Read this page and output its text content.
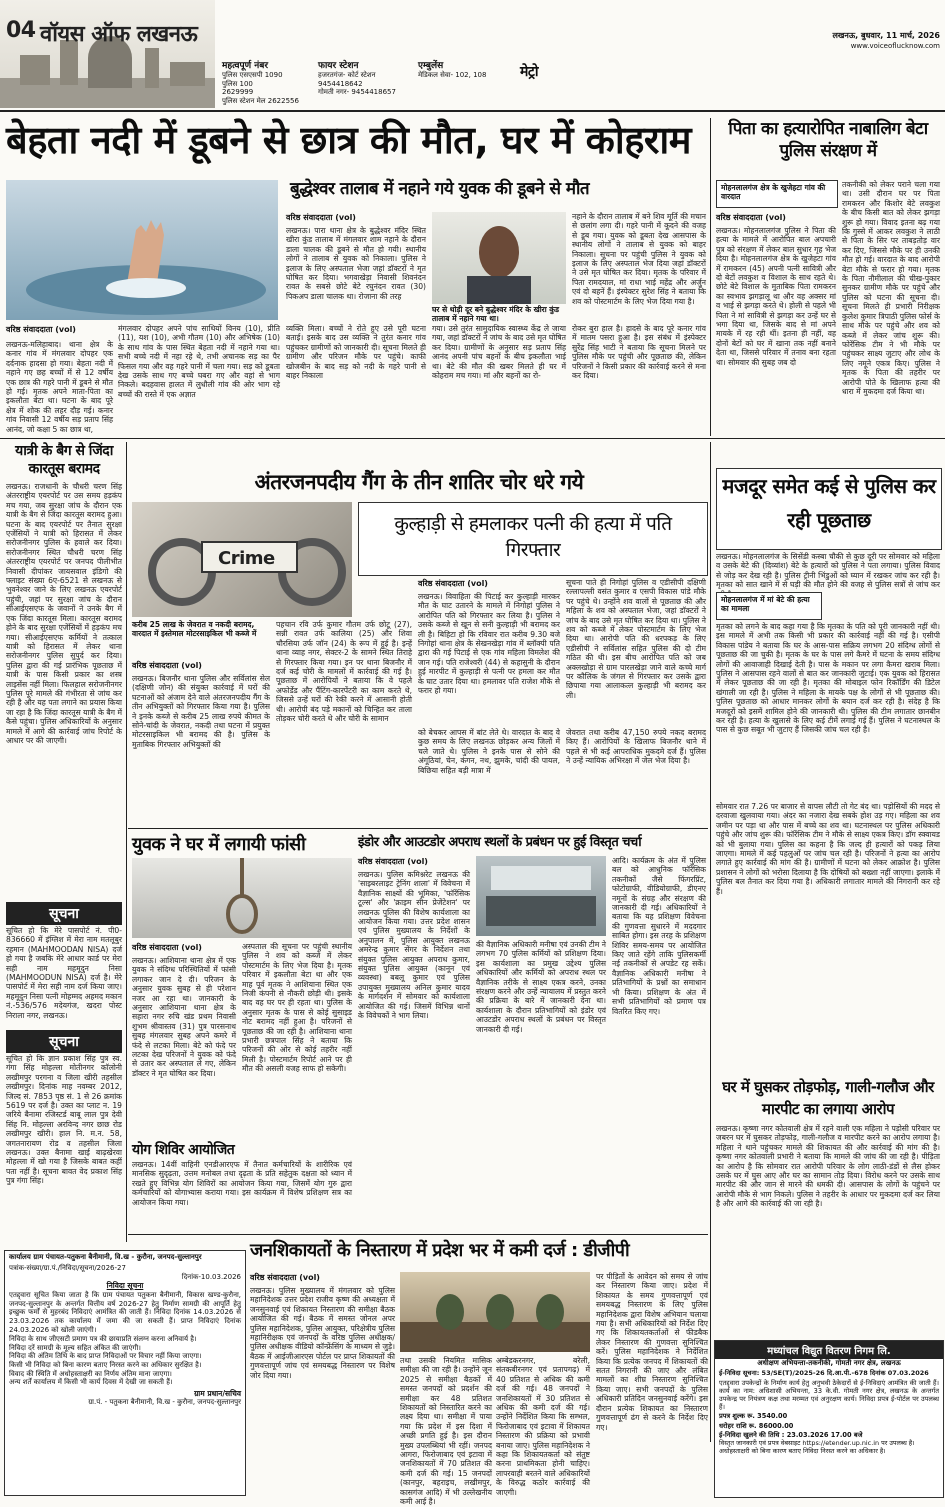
04 वॉयस ऑफ लखनऊ
महत्वपूर्ण नंबर
पुलिस एसएसपी 1090
पुलिस 100
2629999
पुलिस स्टेशन मेल 2622556
फायर स्टेशन
हजरतगंज- कोर्ट स्टेशन
9454418642
गोमती नगर- 9454418657
एम्बुलेंस
मेडिकल सेवा- 102, 108	मेट्रो
लखनऊ, बुधवार, 11 मार्च, 2026
www.voiceoflucknow.com
बेहता नदी में डूबने से छात्र की मौत, घर में कोहराम
बुद्धेश्वर तालाब में नहाने गये युवक की डूबने से मौत
वरिष्ठ संवाददाता (vol)
लखनऊ-मलिहाबाद। थाना क्षेत्र के कनार गांव में मंगलवार दोपहर एक दर्दनाक हादसा हो गया। बेहता नदी में नहाने गए छह बच्चों में से 12 वर्षीय एक छात्र की गहरे पानी में डूबने से मौत हो गई। मृतक अपने माता-पिता का इकलौता बेटा था। घटना के बाद पूरे क्षेत्र में शोक की लहर दौड़ गई। कनार गांव निवासी 12 वर्षीय सड़ प्रताप सिंह आनंद, जो कक्षा 5 का छात्र था,
मंगलवार दोपहर अपने पांच साथियों विनय (10), प्रीति (11), यश (10), अभी गौतम (10) और अभिषेक (10) के साथ गांव के पास स्थित बेहता नदी में नहाने गया था। सभी बच्चे नदी में नहा रहे थे, तभी अचानक सड़ का पैर फिसल गया और वह गहरे पानी में चला गया। सड़ को डूबता देख उसके साथ गए बच्चे घबरा गए और वहां से भाग निकले। बदहवास हालत में लुधौली गांव की ओर भाग रहे बच्चों की रास्ते में एक अज्ञात
व्यक्ति मिला। बच्चों ने रोते हुए उसे पूरी घटना बताई। इसके बाद उस व्यक्ति ने तुरंत कनार गांव पहुंचकर ग्रामीणों को जानकारी दी। सूचना मिलते ही ग्रामीण और परिजन मौके पर पहुंचे। काफी खोजबीन के बाद सड़ को नदी के गहरे पानी से बाहर निकाला
गया। उसे तुरंत सामुदायिक स्वास्थ्य केंद्र ले जाया गया, जहां डॉक्टरों ने जांच के बाद उसे मृत घोषित कर दिया। ग्रामीणों के अनुसार सड़ प्रताप सिंह आनंद अपनी पांच बहनों के बीच इकलौता भाई था। बेटे की मौत की खबर मिलते ही घर में कोहराम मच गया। मां और बहनों का रो-
रोकर बुरा हाल है। हादसे के बाद पूरे कनार गांव में मातम पसरा हुआ है। इस संबंध में इंस्पेक्टर सुरेंद्र सिंह भाटी ने बताया कि सूचना मिलने पर पुलिस मौके पर पहुंची और पूछताछ की, लेकिन परिजनों ने किसी प्रकार की कार्रवाई करने से मना कर दिया।
वरिष्ठ संवाददाता (vol)
लखनऊ। पारा थाना क्षेत्र के बुद्धेश्वर मंदिर स्थित खीरा कुंड तालाब में मंगलवार शाम नहाने के दौरान डाला चालक की डूबने से मौत हो गयी। स्थानीय लोगों ने तालाब से युवक को निकाला। पुलिस ने इलाज के लिए अस्पताल भेजा जहां डॉक्टरों ने मृत घोषित कर दिया। भगवाखेड़ा निवासी शिवनंदन रावत के सबसे छोटे बेटे रघुनंदन रावत (30) पिकअप डाला चालक था। रोजाना की तरह
घर से थोड़ी दूर बने बुद्धेश्वर मंदिर के खीरा कुंड तालाब में नहाने गया था।
नहाने के दौरान तालाब में बने शिव मूर्ति की मचान से छलांग लगा दी। गहरे पानी में कूदने की वजह से डूब गया। युवक को डूबता देख आसपास के स्थानीय लोगों ने तालाब से युवक को बाहर निकाला। सूचना पर पहुंची पुलिस ने युवक को इलाज के लिए अस्पताल भेज दिया जहां डॉक्टरों ने उसे मृत घोषित कर दिया। मृतक के परिवार में पिता रामदयाल, मां राधा भाई महेंद्र और अर्जुन एवं दो बहनें हैं। इंस्पेक्टर सुरेश सिंह ने बताया कि शव को पोस्टमार्टम के लिए भेज दिया गया है।
पिता का हत्यारोपित नाबालिग बेटा पुलिस संरक्षण में
मोहनलालगंज क्षेत्र के खुजेहटा गांव की वारदात
वरिष्ठ संवाददाता (vol)
लखनऊ। मोहनलालगंज पुलिस ने पिता की हत्या के मामले में आरोपित बाल अपचारी पुत्र को संरक्षण में लेकर बाल सुधार गृह भेज दिया है। मोहनलालगंज क्षेत्र के खुजेहटा गांव में रामकरन (45) अपनी पत्नी सावित्री और दो बेटों लवकुश व विशाल के साथ रहते थे। छोटे बेटे विशाल के मुताबिक पिता रामकरन का स्वभाव झगड़ालू था और वह अक्सर मां व भाई से झगड़ा करते थे। होली से पहले भी पिता ने मां सावित्री से झगड़ा कर उन्हें घर से भगा दिया था, जिसके बाद से मां अपने मायके में रह रही थीं। इतना ही नहीं, वह दोनों बेटों को घर में खाना तक नहीं बनाने देता था, जिससे परिवार में तनाव बना रहता था। सोमवार की सुबह जब दो
तकनीकी को लेकर पराने चला गया था। उसी दौरान घर पर पिता रामकरन और किशोर बेटे लवकुश के बीच किसी बात को लेकर झगड़ा शुरू हो गया। विवाद इतना बढ़ गया कि गुस्से में आकर लवकुश ने लाठी से पिता के सिर पर ताबड़तोड़ वार कर दिए, जिससे मौके पर ही उनकी मौत हो गई। वारदात के बाद आरोपी बेटा मौके से फरार हो गया। मृतक के पिता नौमीलाल की चीख-पुकार सुनकर ग्रामीण मौके पर पहुंचे और पुलिस को घटना की सूचना दी। सूचना मिलते ही प्रभारी निरीक्षक कुलेश कुमार त्रिपाठी पुलिस फोर्स के साथ मौके पर पहुंचे और शव को कब्जे में लेकर जांच शुरू की। फोरेंसिक टीम ने भी मौके पर पहुंचकर साक्ष्य जुटाए और लोथ के लिए नमूने एकत्र किए। पुलिस ने मृतक के पिता की तहरीर पर आरोपी पोते के खिलाफ हत्या की धारा में मुकदमा दर्ज किया था।
यात्री के बैग से जिंदा कारतूस बरामद
लखनऊ। राजधानी के चौधरी चरण सिंह अंतरराष्ट्रीय एयरपोर्ट पर उस समय हड़कंप मच गया, जब सुरक्षा जांच के दौरान एक यात्री के बैग से जिंदा कारतूस बरामद हुआ। घटना के बाद एयरपोर्ट पर तैनात सुरक्षा एजेंसियों ने यात्री को हिरासत में लेकर सरोजनीनगर पुलिस के हवाले कर दिया। सरोजनीनगर स्थित चौधरी चरण सिंह अंतरराष्ट्रीय एयरपोर्ट पर जनपद पीलीभीत निवासी दीपांकर जायसवाल इंडिगो की फ्लाइट संख्या 6ए-6521 से लखनऊ से भुवनेश्वर जाने के लिए लखनऊ एयरपोर्ट पहुंची, जहां पर सुरक्षा जांच के दौरान सीआईएसएफ के जवानों ने उनके बैग में एक जिंदा कारतूस मिला। कारतूस बरामद होने के बाद सुरक्षा एजेंसियों में हड़कंप मच गया। सीआईएसएफ कर्मियों ने तत्काल यात्री को हिरासत में लेकर थाना सरोजनीनगर पुलिस सुपुर्द कर दिया। पुलिस द्वारा की गई प्रारंभिक पूछताछ में यात्री के पास किसी प्रकार का शस्त्र लाइसेंस नहीं मिला। फिलहाल सरोजनीनगर पुलिस पूरे मामले की गंभीरता से जांच कर रही है और यह पता लगाने का प्रयास किया जा रहा है कि जिंदा कारतूस यात्री के बैग में कैसे पहुंचा। पुलिस अधिकारियों के अनुसार मामले में आगे की कार्रवाई जांच रिपोर्ट के आधार पर की जाएगी।
सूचना
सूचित हो कि मेरे पासपोर्ट नं. पी0-836660 में इंग्लिश में मेरा नाम मतलूबुर रहमान (MAHMOODAN NISA) दर्ज हो गया है जबकि मेरे आधार कार्ड पर मेरा सही नाम महमूदुन निसा (MAHMOODUN NISA) दर्ज है। मेरे पासपोर्ट में मेरा सही नाम दर्ज किया जाए। महमूदुन निसा पत्नी मोहम्मद अहमद मकान नं.-536/576 मदेयगंज, खदरा पोस्ट निराला नगर, लखनऊ।
सूचना
सूचित हो कि ज्ञान प्रकाश सिंह पुत्र स्व. गंगा सिंह मोहल्ला मोतीनगर कॉलोनी लखीमपुर परगना व जिला खीरी तहसील लखीमपुर। दिनांक माह नवम्बर 2012, जिल्द सं. 7853 पृष्ठ सं. 1 से 26 क्रमांक 5619 पर दर्ज है। उक्त का प्लाट न. 19 जरिये बैनामा रजिस्टर्ड बाबू लाल पुत्र देवी सिंह नि. मोहल्ला अरविन्द नगर छाछ रोड लखीमपुर खीरी। हाल नि. म.न. 58, जगतनारायण रोड व तहसील जिला लखनऊ। उक्त बैनामा खाई बाढ़खेरवा मोहल्ला में खो गया है जिसके बाबत कहीं पता नहीं है। सूचना बावत वेद प्रकाश सिंह पुत्र गंगा सिंह।
अंतरजनपदीय गैंग के तीन शातिर चोर धरे गये
Crime
करीब 25 लाख के जेवरात व नकदी बरामद, वारदात में इस्तेमाल मोटरसाइकिल भी कब्जे में
वरिष्ठ संवाददाता (vol)
लखनऊ। बिजनौर थाना पुलिस और सर्विलांस सेल (दक्षिणी जोन) की संयुक्त कार्रवाई में घरों की घटनाओं को अंजाम देने वाले अंतरजनपदीय गैंग के तीन अभियुक्तों को गिरफ्तार किया गया है। पुलिस ने इनके कब्जे से करीब 25 लाख रुपये कीमत के सोने-चांदी के जेवरात, नकदी तथा घटना में प्रयुक्त मोटरसाइकिल भी बरामद की है। पुलिस के मुताबिक गिरफ्तार अभियुक्तों की
पहचान रवि उर्फ कुमार गौतम उर्फ छोटू (27), सन्नी रावत उर्फ कालिया (25) और शिवा चौरसिया उर्फ जॉन (24) के रूप में हुई है। इन्हें थाना व्याह नगर, सेक्टर-2 के सामने स्थित तिराहे से गिरफ्तार किया गया। इन पर थाना बिजनौर में दर्ज कई चोरी के मामलों में कार्रवाई की गई है। पूछताछ में आरोपियों ने बताया कि वे पहले अफोर्डेड और पैंटिंग-कारपेंटरी का काम करते थे, जिससे उन्हें घरों की रेकी करने में आसानी होती थी। आरोपी बंद पड़े मकानों को चिन्हित कर ताला तोड़कर चोरी करते थे और चोरी के सामान
कुल्हाड़ी से हमलाकर पत्नी की हत्या में पति गिरफ्तार
वरिष्ठ संवाददाता (vol)
लखनऊ। विवाहिता की पिटाई कर कुल्हाड़ी मारकर मौत के घाट उतारने के मामले में निगोहां पुलिस ने आरोपित पति को गिरफ्तार कर लिया है। पुलिस ने उसके कब्जे से खून से सनी कुल्हाड़ी भी बरामद कर ली है। बिहिटा हो कि रविवार रात करीब 9.30 बजे निगोहां थाना क्षेत्र के सेखनखेड़ा गांव में ब्लॉक्पी पति द्वारा की गई पिटाई से एक गांव महिला विमलेश की जान गई। पति राजेश्वरी (44) से कहासुनी के दौरान हुई मारपीट में कुल्हाड़ी से पत्नी पर हमला कर मौत के घाट उतार दिया था। हमलावर पति राजेश मौके से फरार हो गया।
सूचना पाते ही निगोहां पुलिस व एडीसीपी दक्षिणी रल्लापल्ली वसंत कुमार व एसपी विकास पांडे मौके पर पहुंचे थे। उन्होंने शव वालों से पूछताछ की और महिला के शव को अस्पताल भेजा, जहां डॉक्टरों ने जांच के बाद उसे मृत घोषित कर दिया था। पुलिस ने शव को कब्जे में लेकर पोस्टमार्टम के लिए भेज दिया था। आरोपी पति की धरपकड़ के लिए एडीसीपी ने सर्विलांस सहित पुलिस की दो टीम गठित की थी। इस बीच आरोपित पति को जब अक्लखोड़ा से ग्राम पारलखेड़ा जाने वाले कच्चे मार्ग पर कौलिक के जंगल से गिरफ्तार कर उसके द्वारा छिपाया गया आलाकत्ल कुल्हाड़ी भी बरामद कर ली।
को बेचकर आपस में बांट लेते थे। वारदात के बाद वे कुछ समय के लिए लखनऊ छोड़कर अन्य जिलों में चले जाते थे। पुलिस ने इनके पास से सोने की अंगूठियां, चेन, कंगन, नथ, झुमके, चांदी की पायल, बिछिया सहित बड़ी मात्रा में
जेवरात तथा करीब 47,150 रुपये नकद बरामद किए हैं। आरोपियों के खिलाफ बिजनौर थाने में पहले से भी कई आपराधिक मुकदमे दर्ज हैं। पुलिस ने उन्हें न्यायिक अभिरक्षा में जेल भेज दिया है।
मजदूर समेत कई से पुलिस कर रही पूछताछ
लखनऊ। मोहनलालगंज के सिसेंडी कस्बा चौकी से कुछ दूरी पर सोमवार को महिला व उसके बेटे की (दिव्यांश) बेटे के हत्यारों को पुलिस ने पता लगाया। पुलिस विवाद से जोड़ कर देख रही है। पुलिस ट्रीनी भिंडुओं को घ्यान में रखकर जांच कर रही है। मृतका को सात खाने में से घड़ी की मौत होने की वजह से पुलिस सत्रों से जांच कर
मोहनलालगंज में मां बेटे की हत्या का मामला
मृतका को लगने के बाद कहा गया है कि मृतका के पति को पूरी जानकारी नहीं थी। इस मामले में अभी तक किसी भी प्रकार की कार्रवाई नहीं की गई है। एसीपी विकास पांडेय ने बताया कि घर के आस-पास सक्रिय लगभग 20 संदिग्ध लोगों से पूछताछ की जा चुकी है। मृतक के घर के पास लगे कैमरे में घटना के समय संदिग्ध लोगों की आवाजाही दिखाई देती है। पास के मकान पर लगा कैमरा खराब मिला। पुलिस ने आसपास रहने वालों से बात कर जानकारी जुटाई। एक युवक को हिरासत में लेकर पूछताछ की जा रही है। मृतका की मोबाइल फोन रिकॉर्डिंग की डिटेल खंगाली जा रही है। पुलिस ने महिला के मायके पक्ष के लोगों से भी पूछताछ की। पुलिस पूछताछ को आधार मानकर लोगों के बयान दर्ज कर रही है। संदेह है कि मजदूरों को इसमें शामिल होने की जानकारी थी। पुलिस की टीम लगातार छानबीन कर रही है। हत्या के खुलासे के लिए कई टीमें लगाई गई हैं। पुलिस ने घटनास्थल के पास से कुछ सबूत भी जुटाए हैं जिसकी जांच चल रही है।
सोमवार रात 7.26 पर बाजार से वापस लौटी तो गेट बंद था। पड़ोसियों की मदद से दरवाजा खुलवाया गया। अंदर का नजारा देख सबके होश उड़ गए। महिला का शव जमीन पर पड़ा था और पास में बच्चे का शव था। घटनास्थल पर पुलिस अधिकारी पहुंचे और जांच शुरू की। फॉरेंसिक टीम ने मौके से साक्ष्य एकत्र किए। डॉग स्क्वायड को भी बुलाया गया। पुलिस का कहना है कि जल्द ही हत्यारों को पकड़ लिया जाएगा। मामले में कई पहलुओं पर जांच चल रही है। परिजनों ने हत्या का आरोप लगाते हुए कार्रवाई की मांग की है। ग्रामीणों में घटना को लेकर आक्रोश है। पुलिस प्रशासन ने लोगों को भरोसा दिलाया है कि दोषियों को बख्शा नहीं जाएगा। इलाके में पुलिस बल तैनात कर दिया गया है। अधिकारी लगातार मामले की निगरानी कर रहे हैं।
युवक ने घर में लगायी फांसी
वरिष्ठ संवाददाता (vol)
लखनऊ। आशियाना थाना क्षेत्र में एक युवक ने संदिग्ध परिस्थितियों में फांसी लगाकर जान दे दी। परिजन के अनुसार युवक सुबह से ही परेशान नजर आ रहा था। जानकारी के अनुसार आशियाना थाना क्षेत्र के सहारा नगर रुचि खंड प्रथम निवासी शुभम श्रीवास्तव (31) पुत्र पारसनाथ सुबह मंगलवार सुबह अपने कमरे में फंदे से लटका मिला। बेटे को फंदे पर लटका देख परिजनों ने युवक को फंदे से उतार कर अस्पताल ले गए, लेकिन डॉक्टर ने मृत घोषित कर दिया।
अस्पताल की सूचना पर पहुंची स्थानीय पुलिस ने शव को कब्जे में लेकर पोस्टमार्टम के लिए भेज दिया है। मृतक परिवार में इकलौता बेटा था और एक माह पूर्व मृतक ने आशियाना स्थित एक निजी कंपनी से नौकरी छोड़ी थी। इसके बाद वह घर पर ही रहता था। पुलिस के अनुसार मृतक के पास से कोई सुसाइड नोट बरामद नहीं हुआ है। परिजनों से पूछताछ की जा रही है। आशियाना थाना प्रभारी छत्रपाल सिंह ने बताया कि परिजनों की ओर से कोई तहरीर नहीं मिली है। पोस्टमार्टम रिपोर्ट आने पर ही मौत की असली वजह साफ हो सकेगी।
योग शिविर आयोजित
लखनऊ। 14वीं वाहिनी एनडीआरएफ में तैनात कर्मचारियों के शारीरिक एवं मानसिक सुदृढ़ता, उत्तम मनोबल तथा दृढ़ता के प्रति सहेतुक दक्षता को ध्यान में रखते हुए विभिन्न योग शिविरों का आयोजन किया गया, जिसमें योग गुरु द्वारा कर्मचारियों को योगाभ्यास कराया गया। इस कार्यक्रम में विशेष प्रशिक्षण सत्र का आयोजन किया गया।
इंडोर और आउटडोर अपराध स्थलों के प्रबंधन पर हुई विस्तृत चर्चा
वरिष्ठ संवाददाता (vol)
लखनऊ। पुलिस कमिश्नरेट लखनऊ की 'साइबरलाइट ट्रेनिंग शाला' में विवेचना में वैज्ञानिक साक्ष्यों की भूमिका, 'फॉरेंसिक टूल्स' और 'क्राइम सीन प्रेजेंटेशन' पर लखनऊ पुलिस की विशेष कार्यशाला का आयोजन किया गया। उत्तर प्रदेश शासन एवं पुलिस मुख्यालय के निर्देशों के अनुपालन में, पुलिस आयुक्त लखनऊ अमरेन्द्र कुमार सेंगर के निर्देशन तथा संयुक्त पुलिस आयुक्त अपराध कुमार, संयुक्त पुलिस आयुक्त (कानून एवं व्यवस्था) बबलू कुमार एवं पुलिस उपायुक्त मुख्यालय अनिल कुमार यादव के मार्गदर्शन में सोमवार को कार्यशाला आयोजित की गई। जिसमें विभिन्न थानों के विवेचकों ने भाग लिया।
की वैज्ञानिक अधिकारी मनीषा एवं उनकी टीम ने लगभग 70 पुलिस कर्मियों को प्रशिक्षण दिया। इस कार्यशाला का प्रमुख उद्देश्य पुलिस अधिकारियों और कर्मियों को अपराध स्थल पर वैज्ञानिक तरीके से साक्ष्य एकत्र करने, उनका संरक्षण करने और उन्हें न्यायालय में प्रस्तुत करने की प्रक्रिया के बारे में जानकारी देना था। कार्यशाला के दौरान प्रतिभागियों को इंडोर एवं आउटडोर अपराध स्थलों के प्रबंधन पर विस्तृत जानकारी दी गई।
आदि। कार्यक्रम के अंत में पुलिस बल को आधुनिक फॉरेंसिक तकनीकों जैसे फिंगरप्रिंट, फोटोग्राफी, वीडियोग्राफी, डीएनए नमूनों के संग्रह और संरक्षण की जानकारी दी गई। अधिकारियों ने बताया कि यह प्रशिक्षण विवेचना की गुणवत्ता सुधारने में मददगार साबित होगा। इस तरह के प्रशिक्षण शिविर समय-समय पर आयोजित किए जाते रहेंगे ताकि पुलिसकर्मी नई तकनीकों से अपडेट रह सकें। वैज्ञानिक अधिकारी मनीषा ने प्रतिभागियों के प्रश्नों का समाधान भी किया। प्रशिक्षण के अंत में सभी प्रतिभागियों को प्रमाण पत्र वितरित किए गए।
घर में घुसकर तोड़फोड़, गाली-गलौज और मारपीट का लगाया आरोप
लखनऊ। कृष्णा नगर कोतवाली क्षेत्र में रहने वाली एक महिला ने पड़ोसी परिवार पर जबरन घर में घुसकर तोड़फोड़, गाली-गलौज व मारपीट करने का आरोप लगाया है। महिला ने थाने पहुंचकर मामले की शिकायत की और कार्रवाई की मांग की है। कृष्णा नगर कोतवाली प्रभारी ने बताया कि मामले की जांच की जा रही है। पीड़िता का आरोप है कि सोमवार रात आरोपी परिवार के लोग लाठी-डंडों से लैस होकर उसके घर में घुस आए और घर का सामान तोड़ दिया। विरोध करने पर उसके साथ मारपीट की और जान से मारने की धमकी दी। आसपास के लोगों के पहुंचने पर आरोपी मौके से भाग निकले। पुलिस ने तहरीर के आधार पर मुकदमा दर्ज कर लिया है और आगे की कार्रवाई की जा रही है।
जनशिकायतों के निस्तारण में प्रदेश भर में कमी दर्ज : डीजीपी
वरिष्ठ संवाददाता (vol)
लखनऊ। पुलिस मुख्यालय में मंगलवार को पुलिस महानिदेशक उत्तर प्रदेश राजीव कृष्ण की अध्यक्षता में जनसुनवाई एवं शिकायत निस्तारण की समीक्षा बैठक आयोजित की गई। बैठक में समस्त जोनल अपर पुलिस महानिदेशक, पुलिस आयुक्त, परिक्षेत्रीय पुलिस महानिरीक्षक एवं जनपदों के वरिष्ठ पुलिस अधीक्षक/पुलिस अधीक्षक वीडियो कॉन्फ्रेंसिंग के माध्यम से जुड़े। बैठक में आईजीआरएस पोर्टल पर प्राप्त शिकायतों की गुणवत्तापूर्ण जांच एवं समयबद्ध निस्तारण पर विशेष जोर दिया गया।
तथा उसकी नियमित मासिक समीक्षा की जा रही है। उन्होंने जून 2025 से समीक्षा बैठकों में समस्त जनपदों को प्रदर्शन की समीक्षा कर 48 प्रतिशत शिकायतों को निस्तारित करने का लक्ष्य दिया था। समीक्षा में पाया गया कि प्रदेश में इस दिशा में अच्छी प्रगति हुई है। इस दौरान मुख्य उपलब्धियां भी रहीं। जनपद आगरा, फिरोजाबाद एवं इटावा में जनशिकायतों में 70 प्रतिशत की कमी दर्ज की गई। 15 जनपदों (कानपुर, बहराइच, लखीमपुर, कासगंज आदि) में भी उल्लेखनीय कमी आई है।
अम्बेडकरनगर, बरेली, संतकबीरनगर एवं प्रतापगढ़) में 40 प्रतिशत से अधिक की कमी दर्ज की गई। 48 जनपदों ने जनशिकायतों में 30 प्रतिशत से अधिक की कमी दर्ज की गई। उन्होंने निर्देशित किया कि सम्भल, फिरोजाबाद एवं इटावा में शिकायत निस्तारण की प्रक्रिया को प्रभावी बनाया जाए। पुलिस महानिदेशक ने कहा कि शिकायतकर्ता को संतुष्ट करना प्राथमिकता होनी चाहिए। लापरवाही बरतने वाले अधिकारियों के विरुद्ध कठोर कार्रवाई की जाएगी।
पर पीड़ितों के आवेदन को समय से जांच कर निस्तारण किया जाए। प्रदेश में शिकायत के समय गुणवत्तापूर्ण एवं समयबद्ध निस्तारण के लिए पुलिस महानिदेशक द्वारा विशेष अभियान चलाया गया है। सभी अधिकारियों को निर्देश दिए गए कि शिकायतकर्ताओं से फीडबैक लेकर निस्तारण की गुणवत्ता सुनिश्चित करें। पुलिस महानिदेशक ने निर्देशित किया कि प्रत्येक जनपद में शिकायतों की सतत निगरानी की जाए और लंबित मामलों का शीघ्र निस्तारण सुनिश्चित किया जाए। सभी जनपदों के पुलिस अधिकारी प्रतिदिन जनसुनवाई करेंगे। इस दौरान प्रत्येक शिकायत का निस्तारण गुणवत्तापूर्ण ढंग से करने के निर्देश दिए गए।
कार्यालय ग्राम पंचायत-पतुकना बैनीमानी, वि.ख - कुरौना, जनपद-सुल्तानपुर
पत्रांक-संख्या/ग्रा.पं./निविदा/सूचना/2026-27
दिनांक-10.03.2026
निविदा सूचना
एतद्द्वारा सूचित किया जाता है कि ग्राम पंचायत पतुकना बैनीमानी, विकास खण्ड-कुरौना, जनपद-सुल्तानपुर के अन्तर्गत वित्तीय वर्ष 2026-27 हेतु निर्माण सामग्री की आपूर्ति हेतु इच्छुक फर्मों से मुहरबंद निविदाएं आमंत्रित की जाती हैं। निविदा दिनांक 14.03.2026 से 23.03.2026 तक कार्यालय में जमा की जा सकती हैं। प्राप्त निविदाएं दिनांक 24.03.2026 को खोली जाएंगी।
निविदा के साथ जीएसटी प्रमाण पत्र की छायाप्रति संलग्न करना अनिवार्य है।
निविदा दरें सामग्री के मूल्य सहित अंकित की जाएंगी।
निविदा की अंतिम तिथि के बाद प्राप्त निविदाओं पर विचार नहीं किया जाएगा।
किसी भी निविदा को बिना कारण बताए निरस्त करने का अधिकार सुरक्षित है।
विवाद की स्थिति में अधोहस्ताक्षरी का निर्णय अंतिम माना जाएगा।
अन्य शर्तें कार्यालय में किसी भी कार्य दिवस में देखी जा सकती हैं।
ग्राम प्रधान/सचिव
ग्रा.पं. - पतुकना बैनीमानी, वि.ख - कुरौना, जनपद-सुल्तानपुर
मध्यांचल विद्युत वितरण निगम लि.
अधीक्षण अभियन्ता-तकनीकी, गोमती नगर क्षेत्र, लखनऊ
ई-निविदा सूचना: 53/SE(T)/2025-26 दि.आ.पी.-678 दिनांक 07.03.2026
एतद्द्वारा उपकेन्द्रों के निर्माण कार्य हेतु अनुभवी ठेकेदारों से ई-निविदाएं आमंत्रित की जाती हैं। कार्य का नाम: अधिशासी अभियन्ता, 33 के.वी. गोमती नगर क्षेत्र, लखनऊ के अन्तर्गत उपकेन्द्र पर नियंत्रण कक्ष तथा मरम्मत एवं अनुरक्षण कार्य। निविदा प्रपत्र ई-पोर्टल पर उपलब्ध हैं।
प्रपत्र शुल्क रू. 3540.00
धरोहर राशि रू. 86000.00
ई-निविदा खुलने की तिथि : 23.03.2026 17.00 बजे
विस्तृत जानकारी एवं प्रपत्र वेबसाइट https://etender.up.nic.in पर उपलब्ध है। अधोहस्ताक्षरी को बिना कारण बताए निविदा निरस्त करने का अधिकार है।
